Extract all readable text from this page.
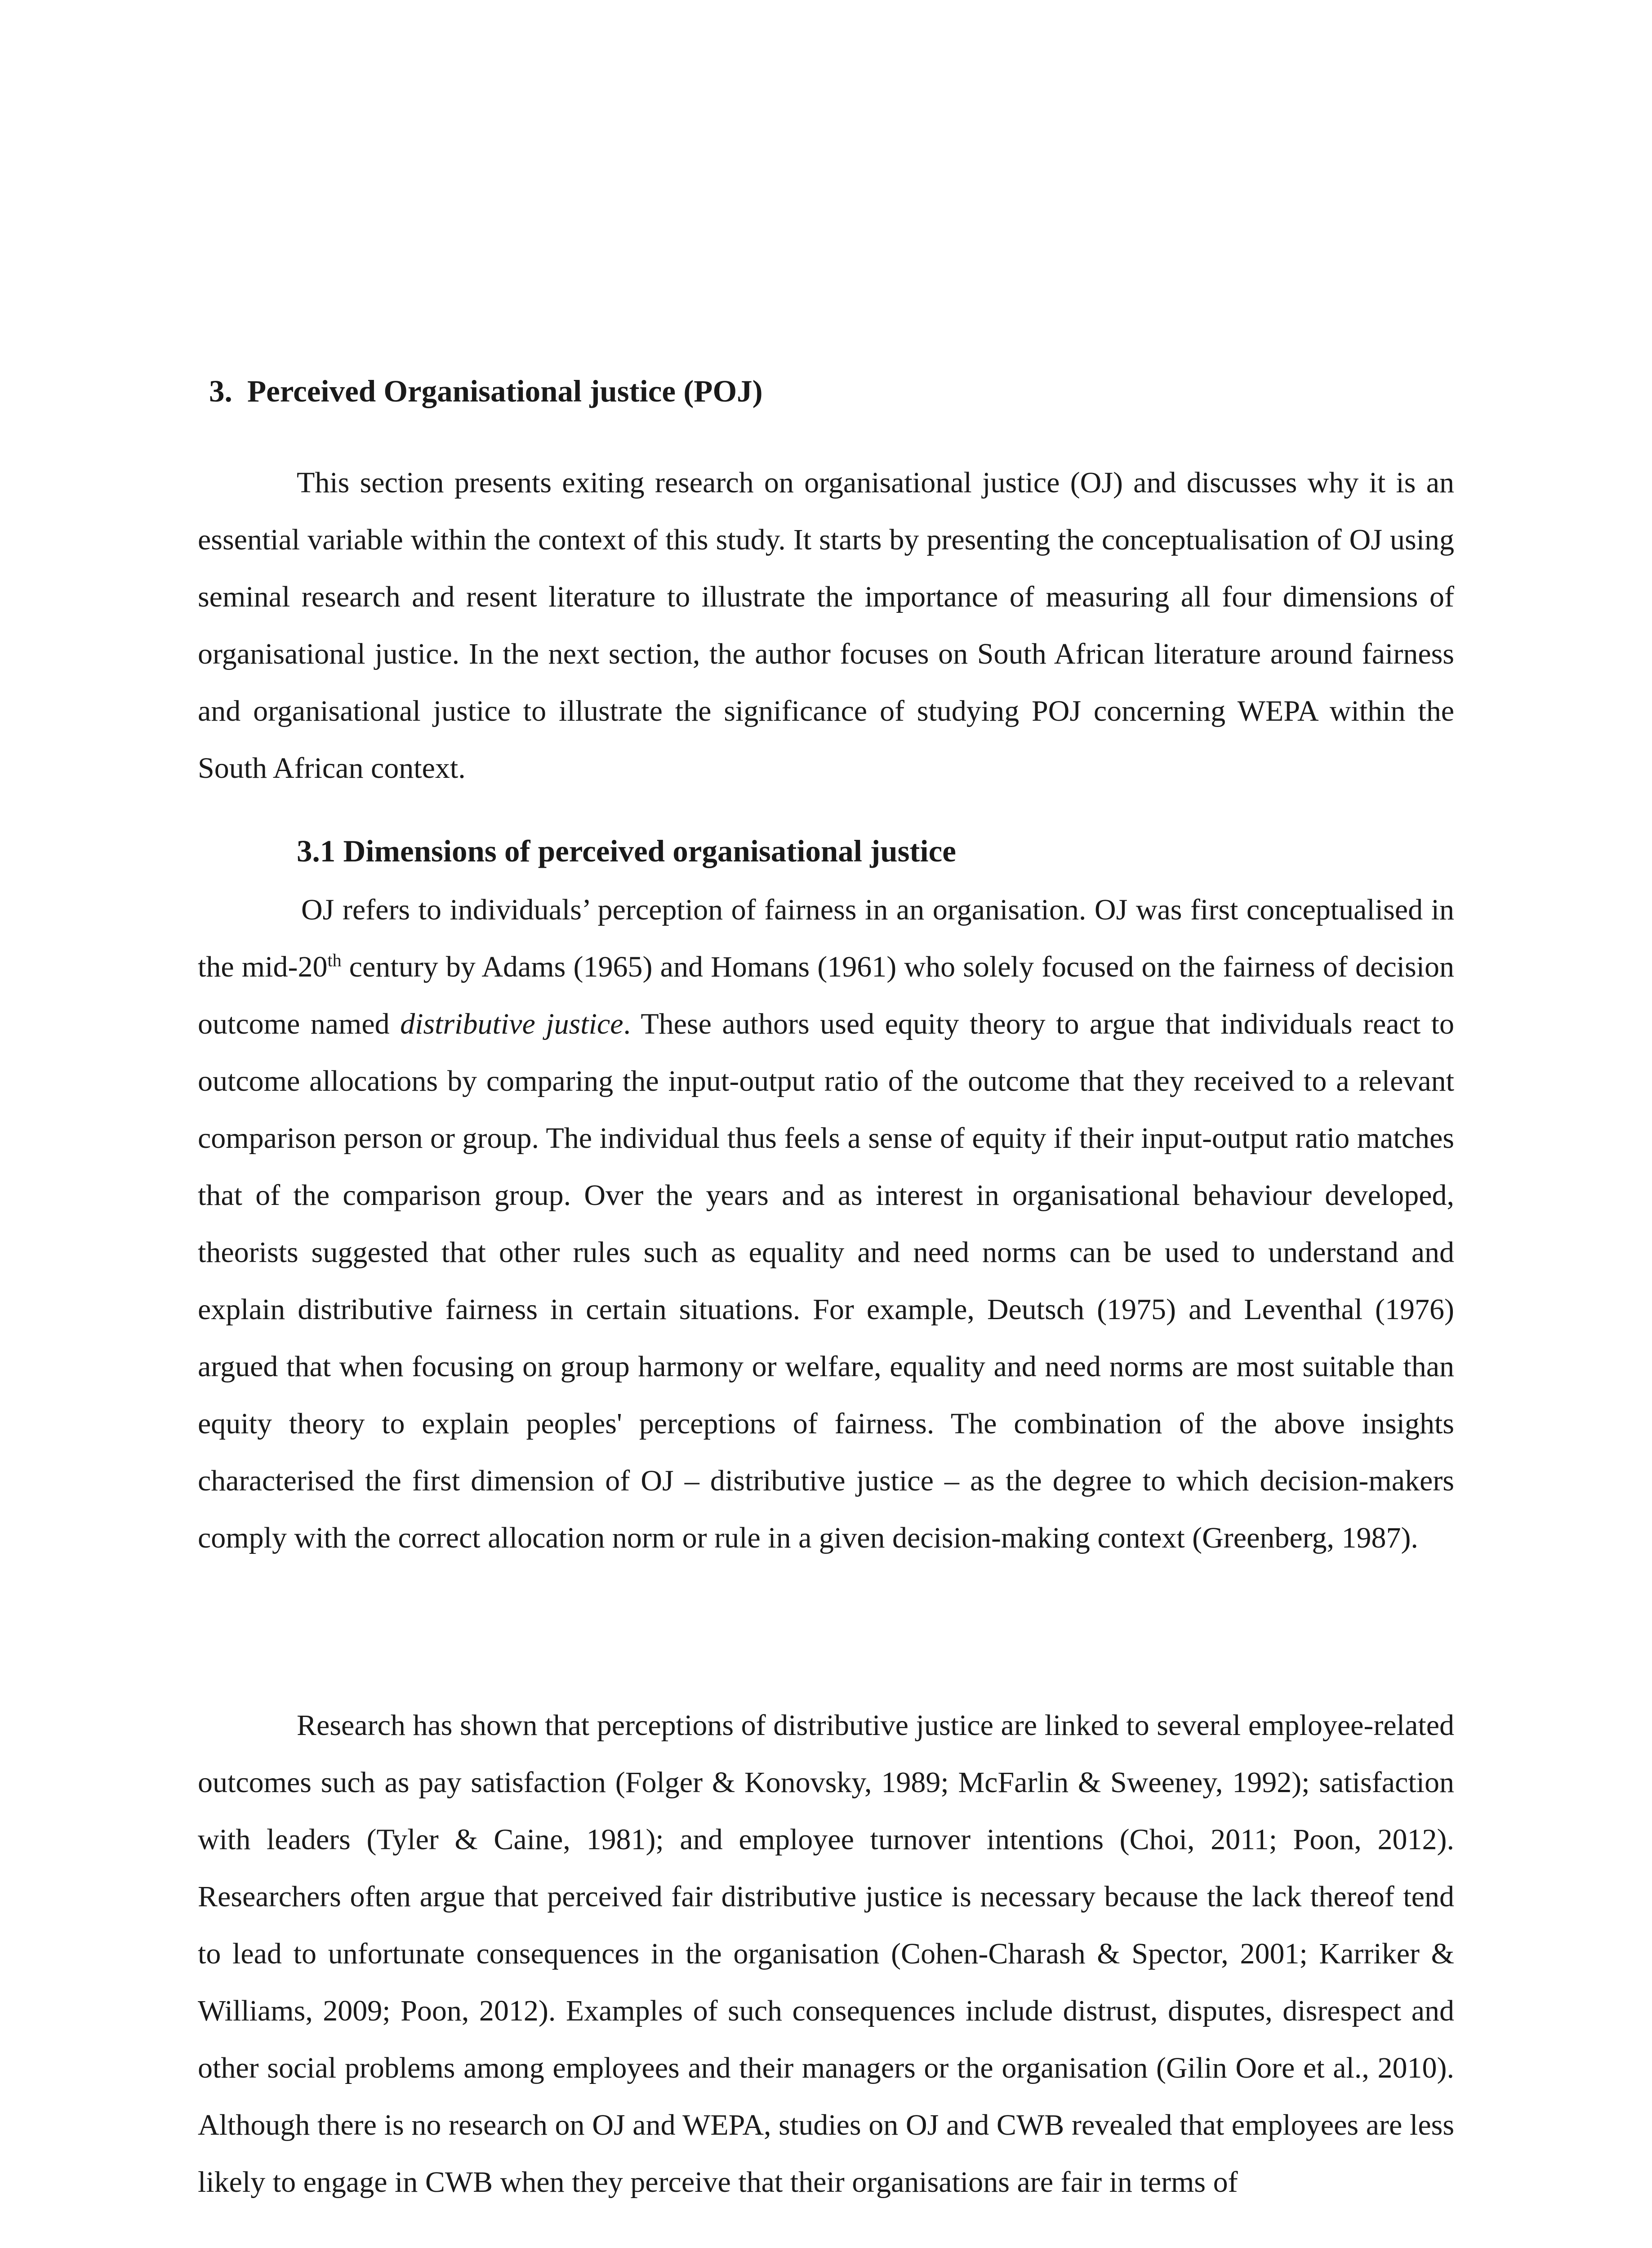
3. Perceived Organisational justice (POJ)

This section presents exiting research on organisational justice (OJ) and discusses why it is an essential variable within the context of this study. It starts by presenting the conceptualisation of OJ using seminal research and resent literature to illustrate the importance of measuring all four dimensions of organisational justice. In the next section, the author focuses on South African literature around fairness and organisational justice to illustrate the significance of studying POJ concerning WEPA within the South African context.

3.1 Dimensions of perceived organisational justice

OJ refers to individuals’ perception of fairness in an organisation. OJ was first conceptualised in the mid-20th century by Adams (1965) and Homans (1961) who solely focused on the fairness of decision outcome named distributive justice. These authors used equity theory to argue that individuals react to outcome allocations by comparing the input-output ratio of the outcome that they received to a relevant comparison person or group. The individual thus feels a sense of equity if their input-output ratio matches that of the comparison group. Over the years and as interest in organisational behaviour developed, theorists suggested that other rules such as equality and need norms can be used to understand and explain distributive fairness in certain situations. For example, Deutsch (1975) and Leventhal (1976) argued that when focusing on group harmony or welfare, equality and need norms are most suitable than equity theory to explain peoples' perceptions of fairness. The combination of the above insights characterised the first dimension of OJ – distributive justice – as the degree to which decision-makers comply with the correct allocation norm or rule in a given decision-making context (Greenberg, 1987).

Research has shown that perceptions of distributive justice are linked to several employee-related outcomes such as pay satisfaction (Folger & Konovsky, 1989; McFarlin & Sweeney, 1992); satisfaction with leaders (Tyler & Caine, 1981); and employee turnover intentions (Choi, 2011; Poon, 2012). Researchers often argue that perceived fair distributive justice is necessary because the lack thereof tend to lead to unfortunate consequences in the organisation (Cohen-Charash & Spector, 2001; Karriker & Williams, 2009; Poon, 2012). Examples of such consequences include distrust, disputes, disrespect and other social problems among employees and their managers or the organisation (Gilin Oore et al., 2010). Although there is no research on OJ and WEPA, studies on OJ and CWB revealed that employees are less likely to engage in CWB when they perceive that their organisations are fair in terms of
